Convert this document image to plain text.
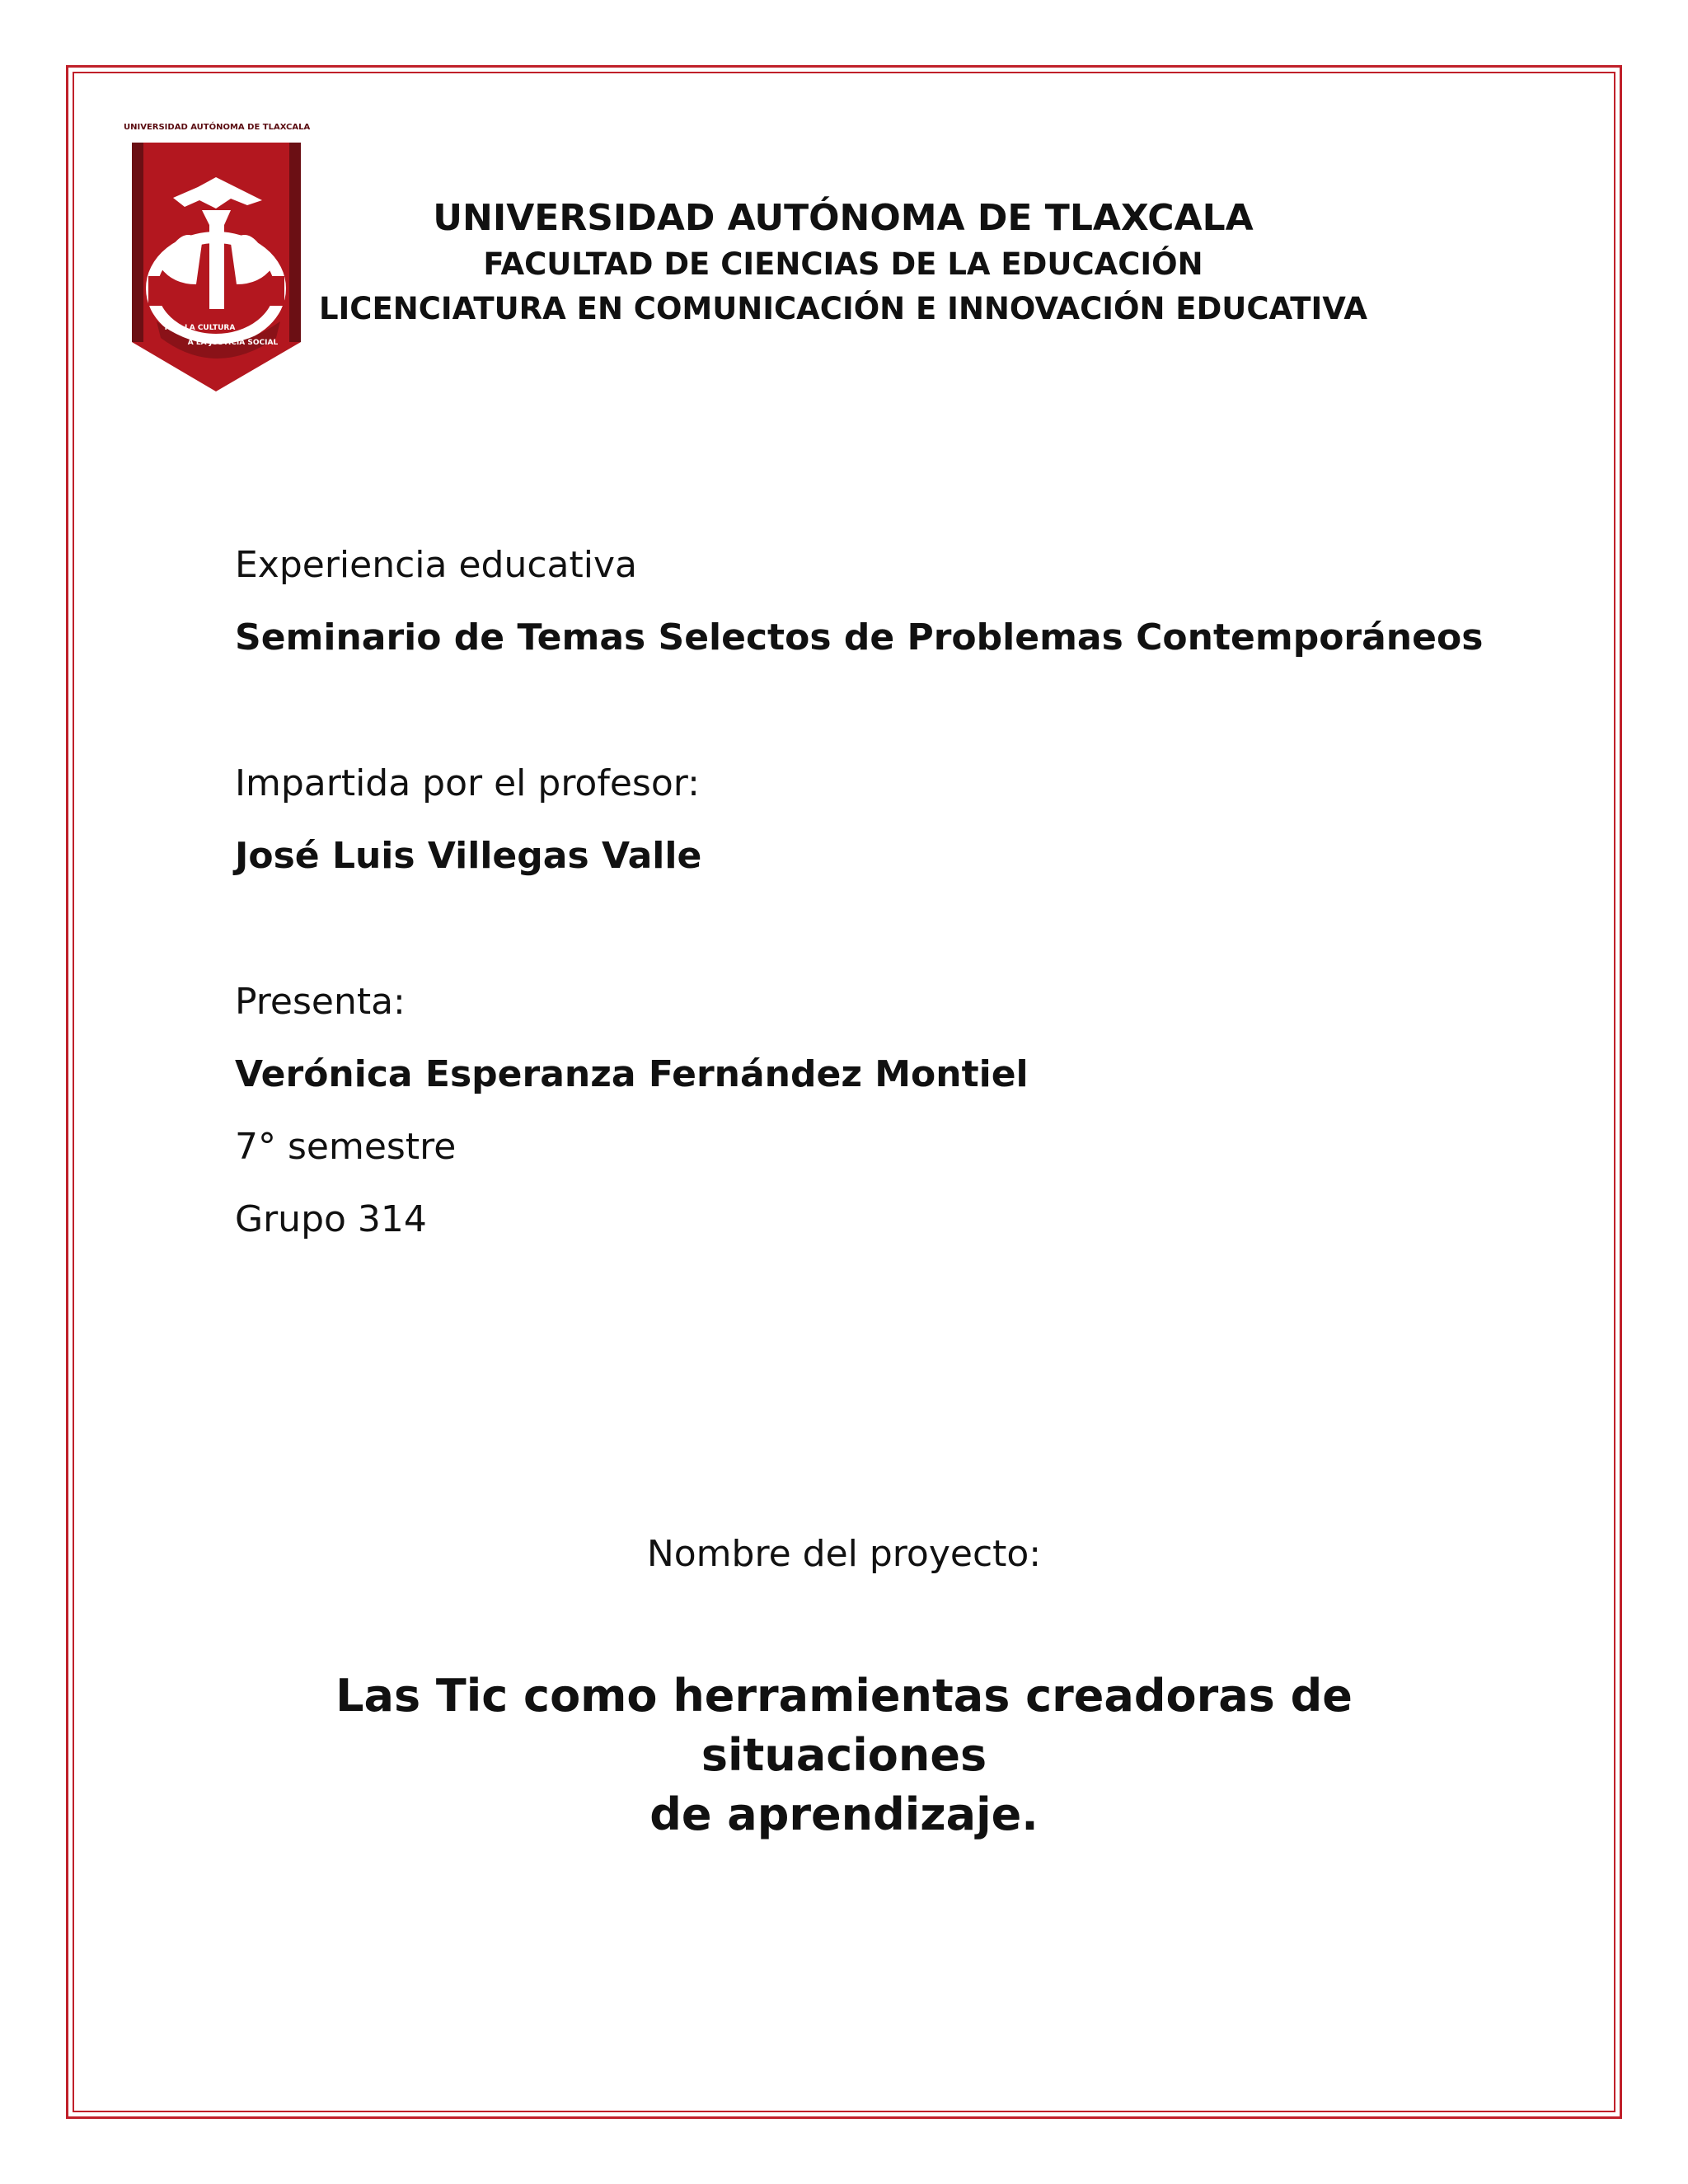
UNIVERSIDAD AUTÓNOMA DE TLAXCALA
POR LA CULTURA
A LA JUSTICIA SOCIAL
UNIVERSIDAD AUTÓNOMA DE TLAXCALA
FACULTAD DE CIENCIAS DE LA EDUCACIÓN
LICENCIATURA EN COMUNICACIÓN E INNOVACIÓN EDUCATIVA
Experiencia educativa
Seminario de Temas Selectos de Problemas Contemporáneos
Impartida por el profesor:
José Luis Villegas Valle
Presenta:
Verónica Esperanza Fernández Montiel
7° semestre
Grupo 314
Nombre del proyecto:
Las Tic como herramientas creadoras de situaciones
de aprendizaje.
